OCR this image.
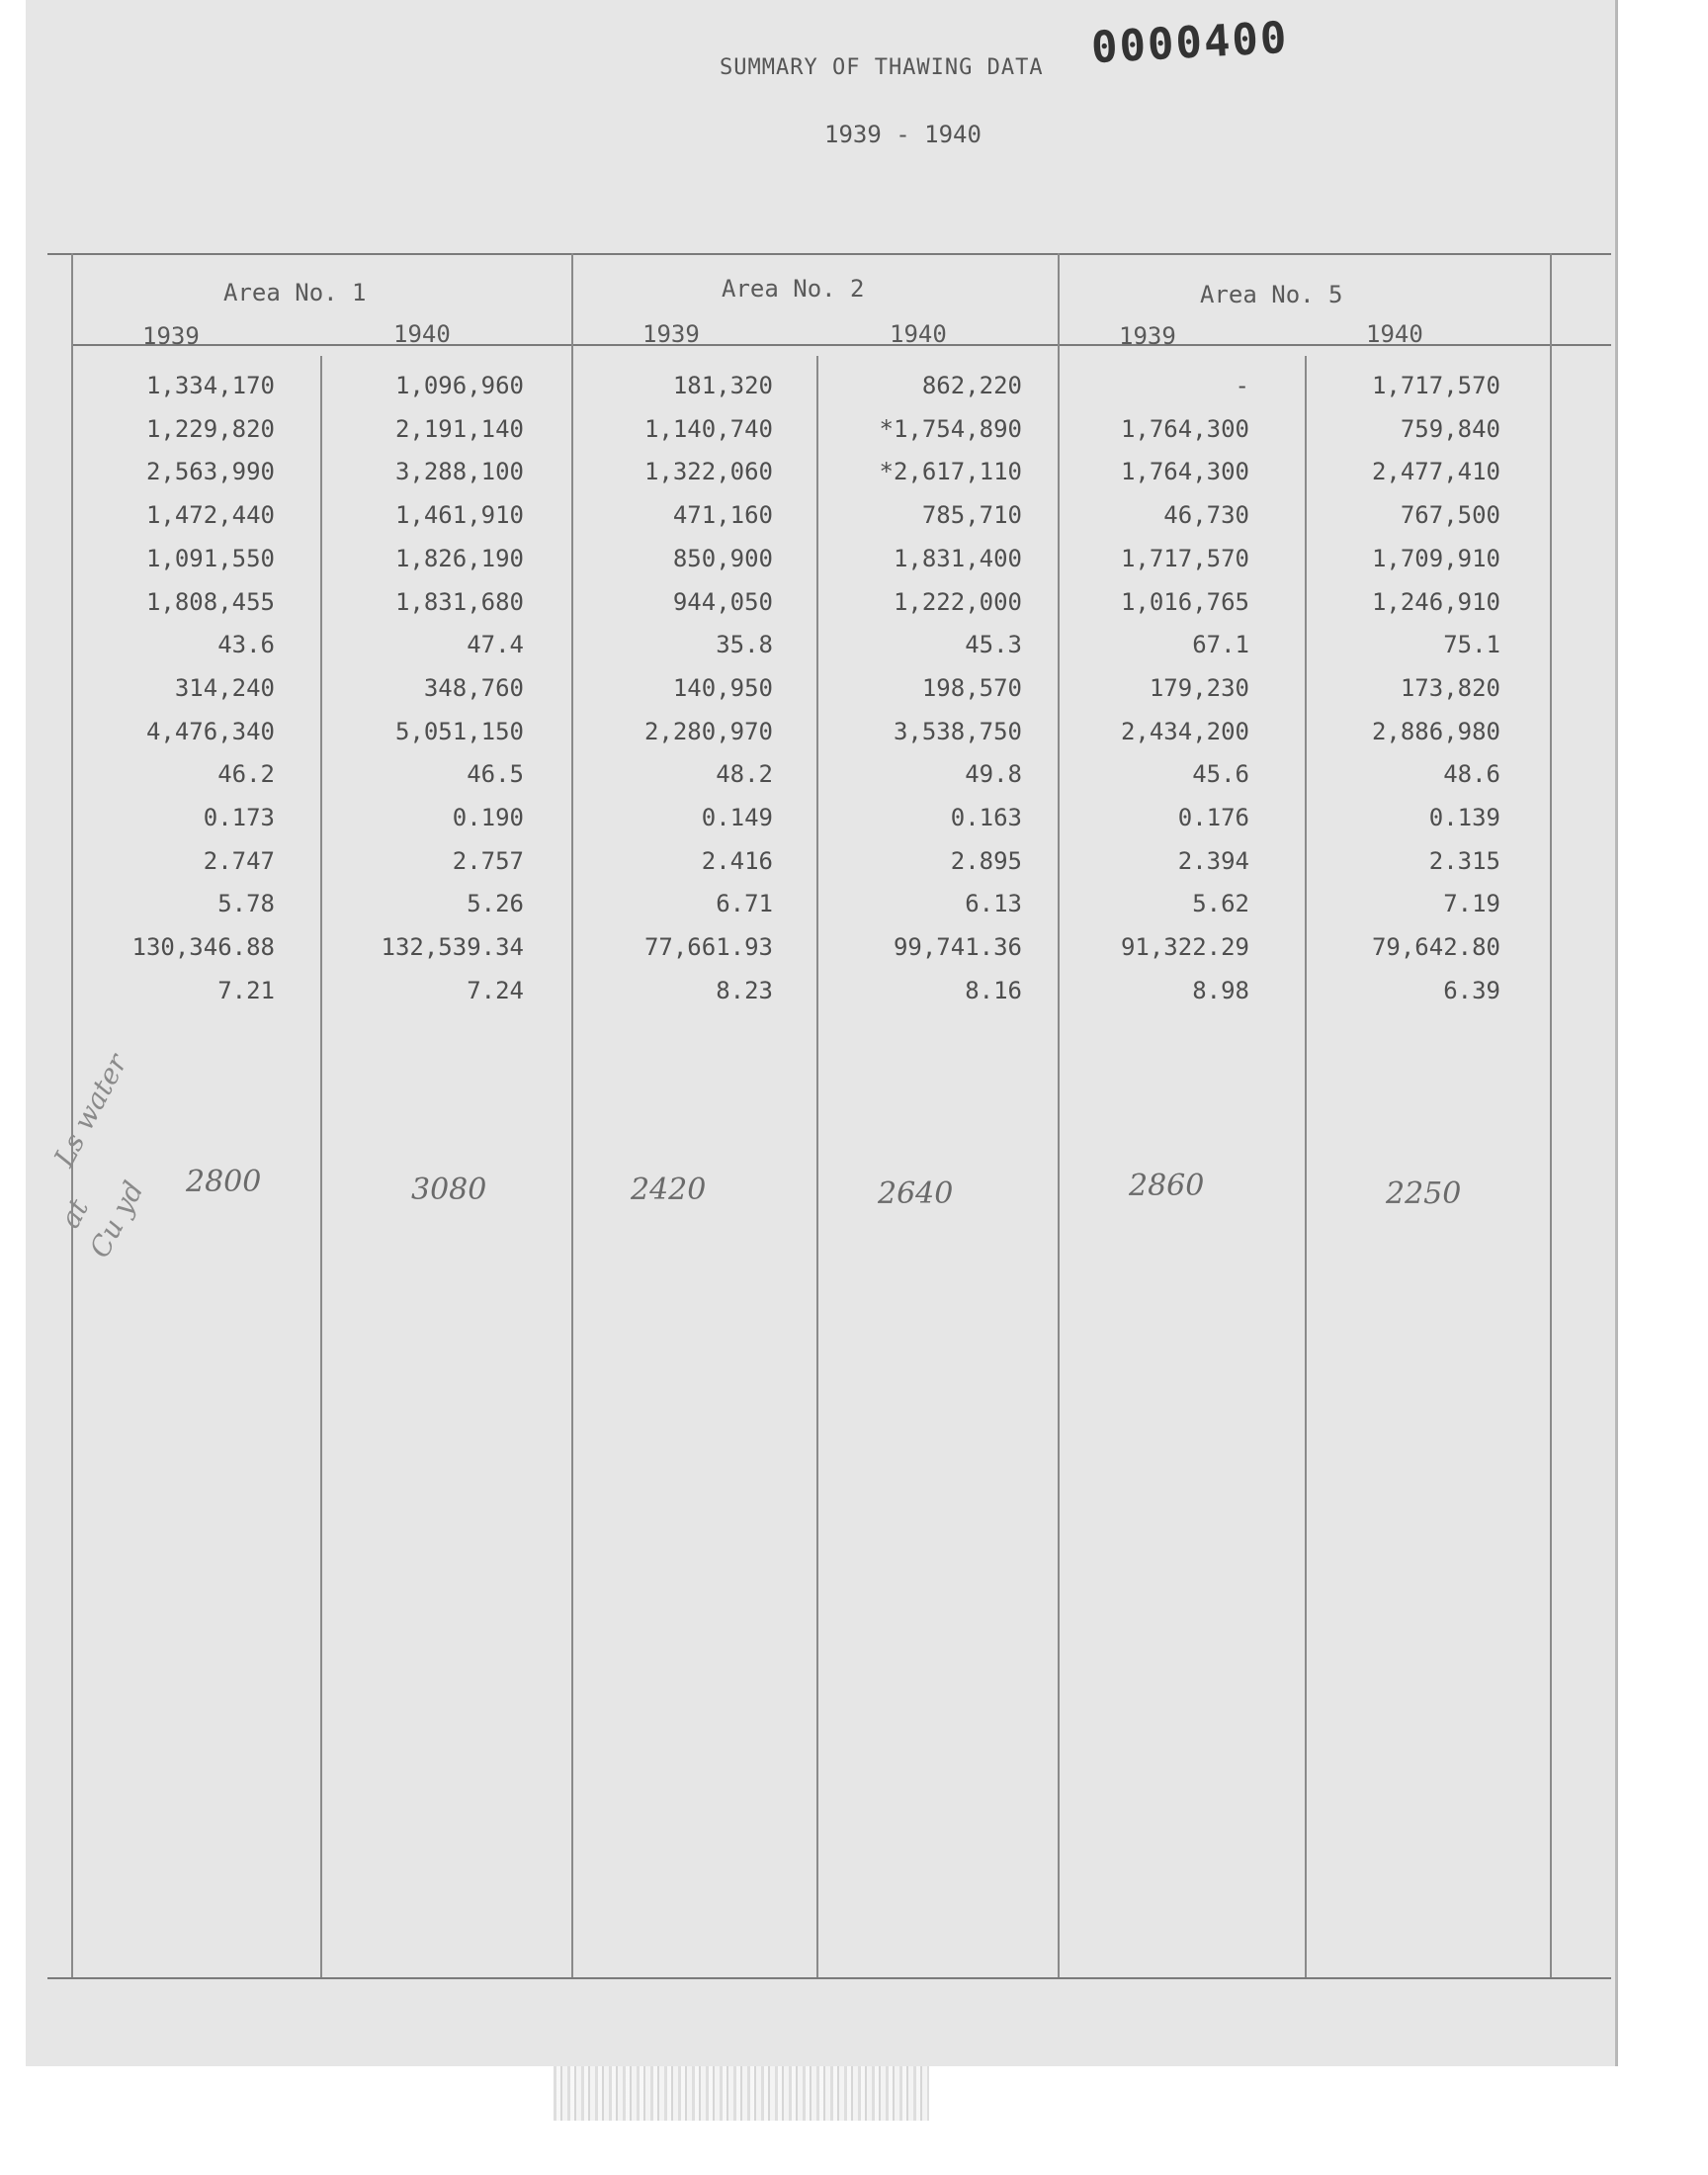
0000400
SUMMARY OF THAWING DATA
1939 - 1940
Area No. 1	Area No. 2	Area No. 5
1939	1940	1939	1940	1939	1940
1,334,170	1,096,960	181,320	862,220	-	1,717,570
1,229,820	2,191,140	1,140,740	*1,754,890	1,764,300	759,840
2,563,990	3,288,100	1,322,060	*2,617,110	1,764,300	2,477,410
1,472,440	1,461,910	471,160	785,710	46,730	767,500
1,091,550	1,826,190	850,900	1,831,400	1,717,570	1,709,910
1,808,455	1,831,680	944,050	1,222,000	1,016,765	1,246,910
43.6	47.4	35.8	45.3	67.1	75.1
314,240	348,760	140,950	198,570	179,230	173,820
4,476,340	5,051,150	2,280,970	3,538,750	2,434,200	2,886,980
46.2	46.5	48.2	49.8	45.6	48.6
0.173	0.190	0.149	0.163	0.176	0.139
2.747	2.757	2.416	2.895	2.394	2.315
5.78	5.26	6.71	6.13	5.62	7.19
130,346.88	132,539.34	77,661.93	99,741.36	91,322.29	79,642.80
7.21	7.24	8.23	8.16	8.98	6.39
2800	3080	2420	2640	2860	2250
Ls water
at
Cu yd
